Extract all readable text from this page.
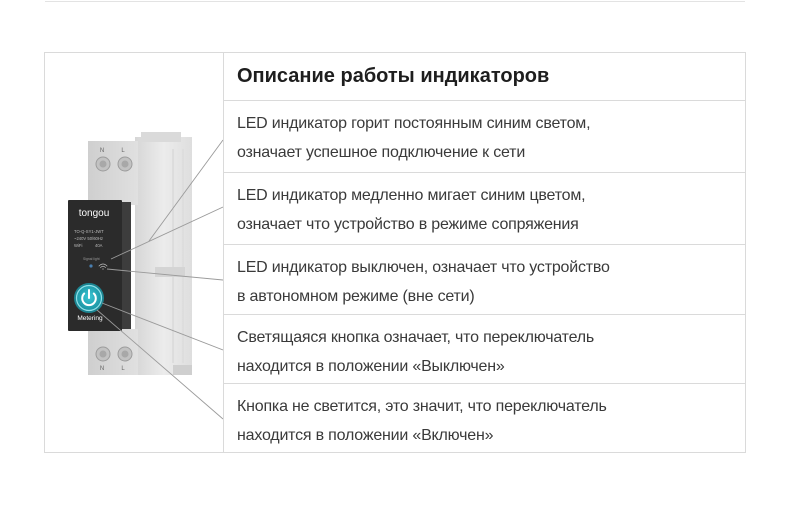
N	L
N	L
tongou
TO-Q-SY1-JWT
~240V 50/60Hz
WiFi	40A
Signal light
Metering
Описание работы индикаторов
LED индикатор горит постоянным синим светом,
означает успешное подключение к сети
LED индикатор медленно мигает синим цветом,
означает что устройство в режиме сопряжения
LED индикатор выключен, означает что устройство
в автономном режиме (вне сети)
Светящаяся кнопка означает, что переключатель
находится в положении «Выключен»
Кнопка не светится, это значит, что переключатель
находится в положении «Включен»
